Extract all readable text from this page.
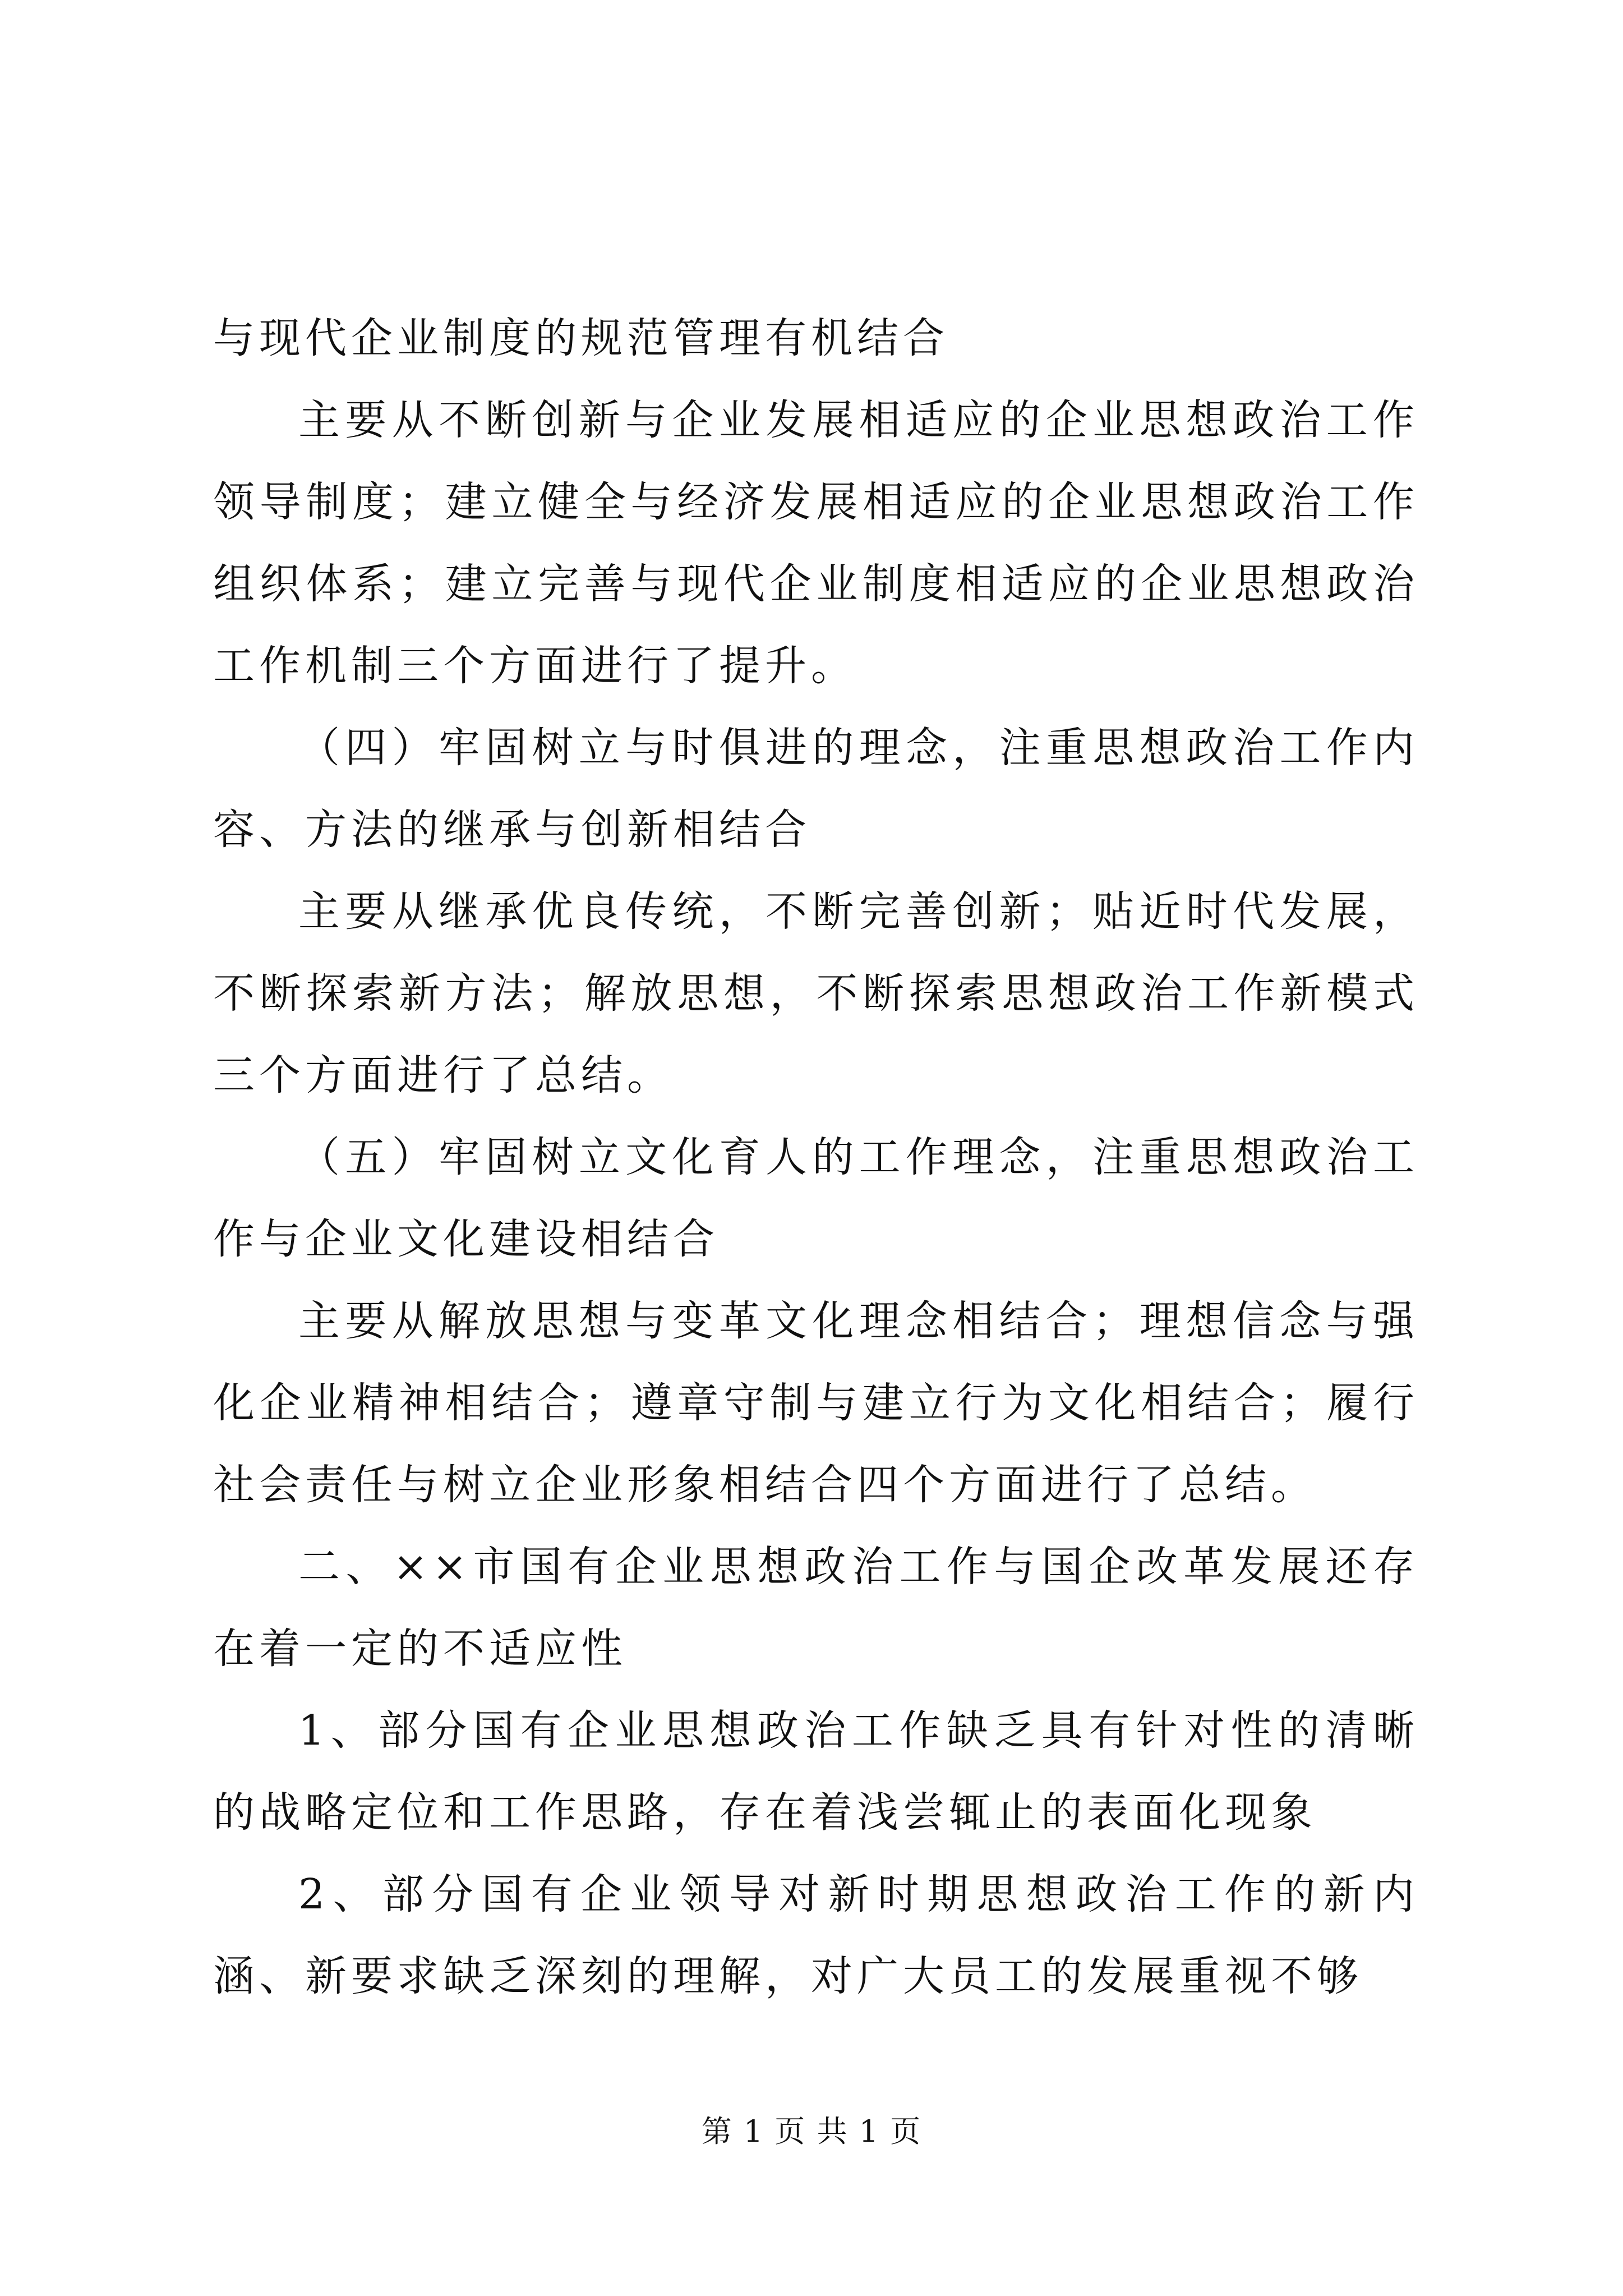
与现代企业制度的规范管理有机结合

主要从不断创新与企业发展相适应的企业思想政治工作领导制度；建立健全与经济发展相适应的企业思想政治工作组织体系；建立完善与现代企业制度相适应的企业思想政治工作机制三个方面进行了提升。

（四）牢固树立与时俱进的理念，注重思想政治工作内容、方法的继承与创新相结合

主要从继承优良传统，不断完善创新；贴近时代发展，不断探索新方法；解放思想，不断探索思想政治工作新模式三个方面进行了总结。

（五）牢固树立文化育人的工作理念，注重思想政治工作与企业文化建设相结合

主要从解放思想与变革文化理念相结合；理想信念与强化企业精神相结合；遵章守制与建立行为文化相结合；履行社会责任与树立企业形象相结合四个方面进行了总结。

二、××市国有企业思想政治工作与国企改革发展还存在着一定的不适应性

1、部分国有企业思想政治工作缺乏具有针对性的清晰的战略定位和工作思路，存在着浅尝辄止的表面化现象

2、部分国有企业领导对新时期思想政治工作的新内涵、新要求缺乏深刻的理解，对广大员工的发展重视不够

第 1 页 共 1 页
